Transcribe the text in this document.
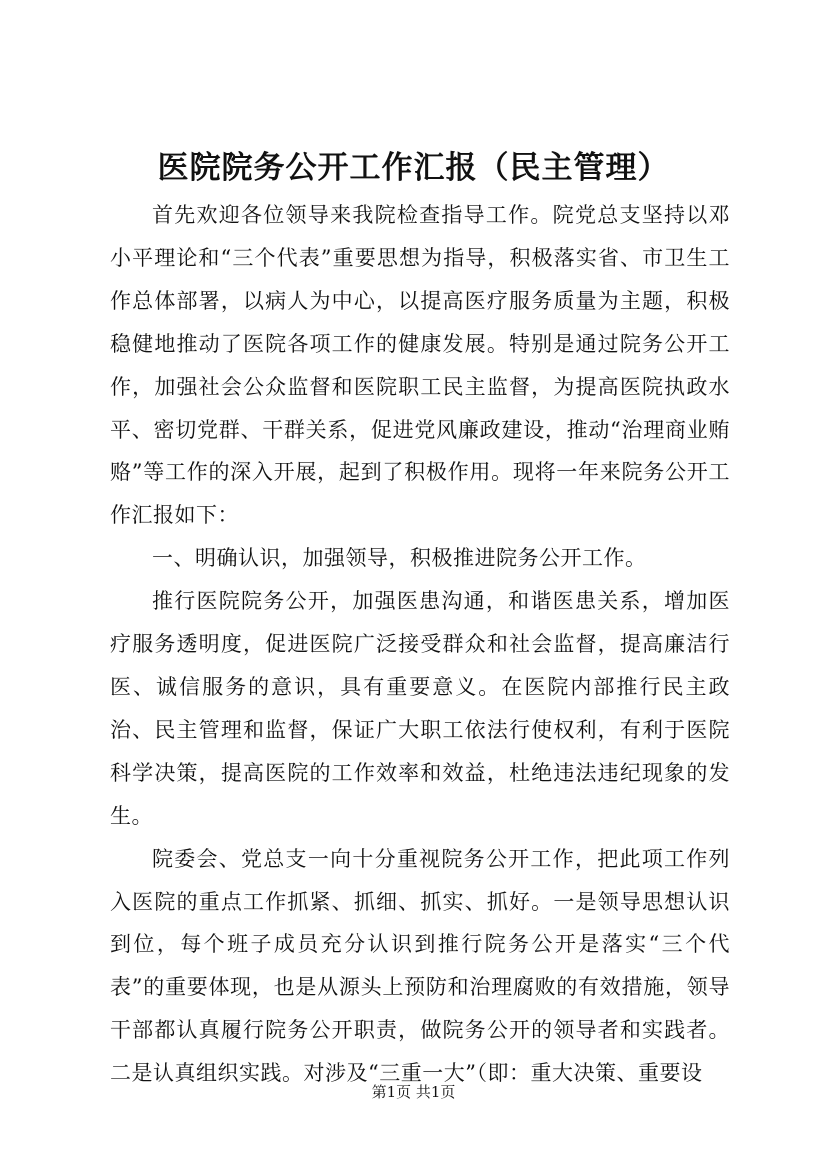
医院院务公开工作汇报（民主管理）

首先欢迎各位领导来我院检查指导工作。院党总支坚持以邓小平理论和“三个代表”重要思想为指导，积极落实省、市卫生工作总体部署，以病人为中心，以提高医疗服务质量为主题，积极稳健地推动了医院各项工作的健康发展。特别是通过院务公开工作，加强社会公众监督和医院职工民主监督，为提高医院执政水平、密切党群、干群关系，促进党风廉政建设，推动“治理商业贿赂”等工作的深入开展，起到了积极作用。现将一年来院务公开工作汇报如下：

一、明确认识，加强领导，积极推进院务公开工作。

推行医院院务公开，加强医患沟通，和谐医患关系，增加医疗服务透明度，促进医院广泛接受群众和社会监督，提高廉洁行医、诚信服务的意识，具有重要意义。在医院内部推行民主政治、民主管理和监督，保证广大职工依法行使权利，有利于医院科学决策，提高医院的工作效率和效益，杜绝违法违纪现象的发生。

院委会、党总支一向十分重视院务公开工作，把此项工作列入医院的重点工作抓紧、抓细、抓实、抓好。一是领导思想认识到位，每个班子成员充分认识到推行院务公开是落实“三个代表”的重要体现，也是从源头上预防和治理腐败的有效措施，领导干部都认真履行院务公开职责，做院务公开的领导者和实践者。二是认真组织实践。对涉及“三重一大”（即：重大决策、重要设

第1页 共1页
